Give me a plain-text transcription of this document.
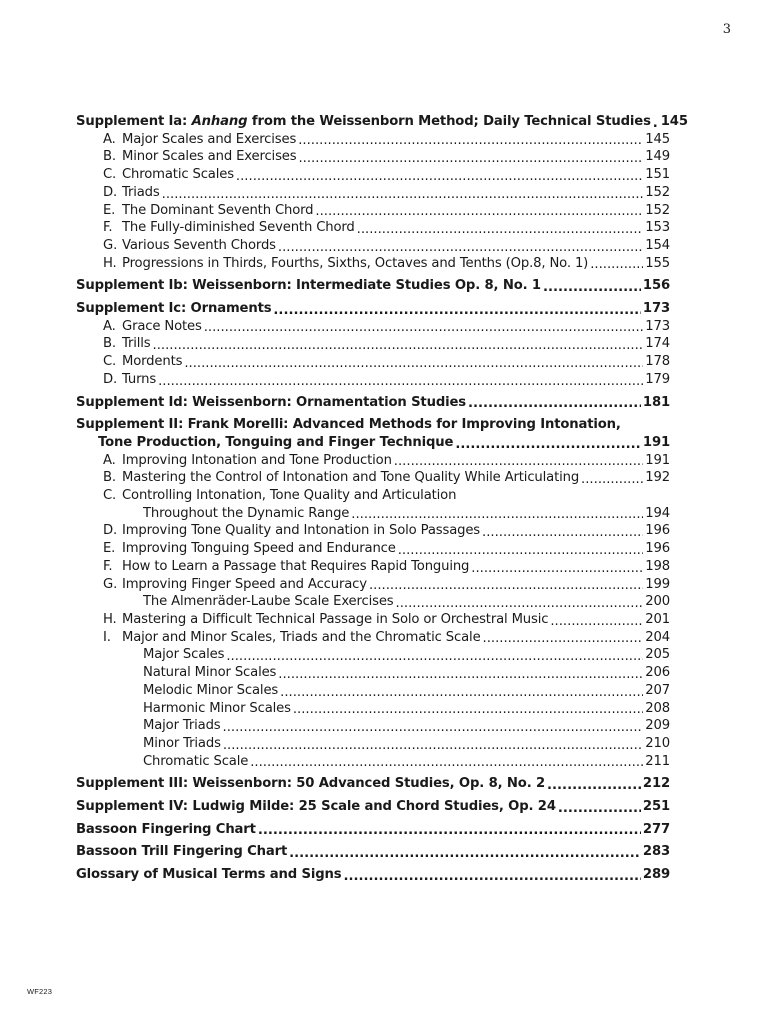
3
Supplement Ia: Anhang from the Weissenborn Method; Daily Technical Studies ..... 145
A. Major Scales and Exercises .....	145
B. Minor Scales and Exercises .....	149
C. Chromatic Scales .....	151
D. Triads .....	152
E. The Dominant Seventh Chord .....	152
F. The Fully-diminished Seventh Chord .....	153
G. Various Seventh Chords .....	154
H. Progressions in Thirds, Fourths, Sixths, Octaves and Tenths (Op.8, No. 1) .....	155
Supplement Ib: Weissenborn: Intermediate Studies Op. 8, No. 1 .....	156
Supplement Ic: Ornaments .....	173
A. Grace Notes .....	173
B. Trills .....	174
C. Mordents .....	178
D. Turns .....	179
Supplement Id: Weissenborn: Ornamentation Studies .....	181
Supplement II: Frank Morelli: Advanced Methods for Improving Intonation,
Tone Production, Tonguing and Finger Technique .....	191
A. Improving Intonation and Tone Production .....	191
B. Mastering the Control of Intonation and Tone Quality While Articulating .....	192
C. Controlling Intonation, Tone Quality and Articulation
Throughout the Dynamic Range .....	194
D. Improving Tone Quality and Intonation in Solo Passages .....	196
E. Improving Tonguing Speed and Endurance .....	196
F. How to Learn a Passage that Requires Rapid Tonguing .....	198
G. Improving Finger Speed and Accuracy .....	199
The Almenräder-Laube Scale Exercises .....	200
H. Mastering a Difficult Technical Passage in Solo or Orchestral Music .....	201
I. Major and Minor Scales, Triads and the Chromatic Scale .....	204
Major Scales .....	205
Natural Minor Scales .....	206
Melodic Minor Scales .....	207
Harmonic Minor Scales .....	208
Major Triads .....	209
Minor Triads .....	210
Chromatic Scale .....	211
Supplement III: Weissenborn: 50 Advanced Studies, Op. 8, No. 2 .....	212
Supplement IV: Ludwig Milde: 25 Scale and Chord Studies, Op. 24 .....	251
Bassoon Fingering Chart .....	277
Bassoon Trill Fingering Chart .....	283
Glossary of Musical Terms and Signs .....	289
WF223
